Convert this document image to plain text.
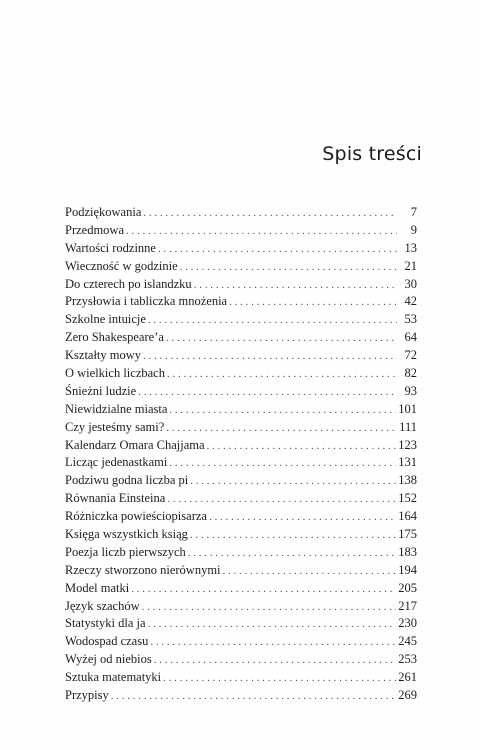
Spis treści
Podziękowania . . .	7
Przedmowa . . .	9
Wartości rodzinne . . .	13
Wieczność w godzinie . . .	21
Do czterech po islandzku . . .	30
Przysłowia i tabliczka mnożenia . . .	42
Szkolne intuicje . . .	53
Zero Shakespeare’a . . .	64
Kształty mowy . . .	72
O wielkich liczbach . . .	82
Śnieżni ludzie . . .	93
Niewidzialne miasta . . .	101
Czy jesteśmy sami? . . .	111
Kalendarz Omara Chajjama . . .	123
Licząc jedenastkami . . .	131
Podziwu godna liczba pi . . .	138
Równania Einsteina . . .	152
Różniczka powieściopisarza . . .	164
Księga wszystkich ksiąg . . .	175
Poezja liczb pierwszych . . .	183
Rzeczy stworzono nierównymi . . .	194
Model matki . . .	205
Język szachów . . .	217
Statystyki dla ja . . .	230
Wodospad czasu . . .	245
Wyżej od niebios . . .	253
Sztuka matematyki . . .	261
Przypisy . . .	269
